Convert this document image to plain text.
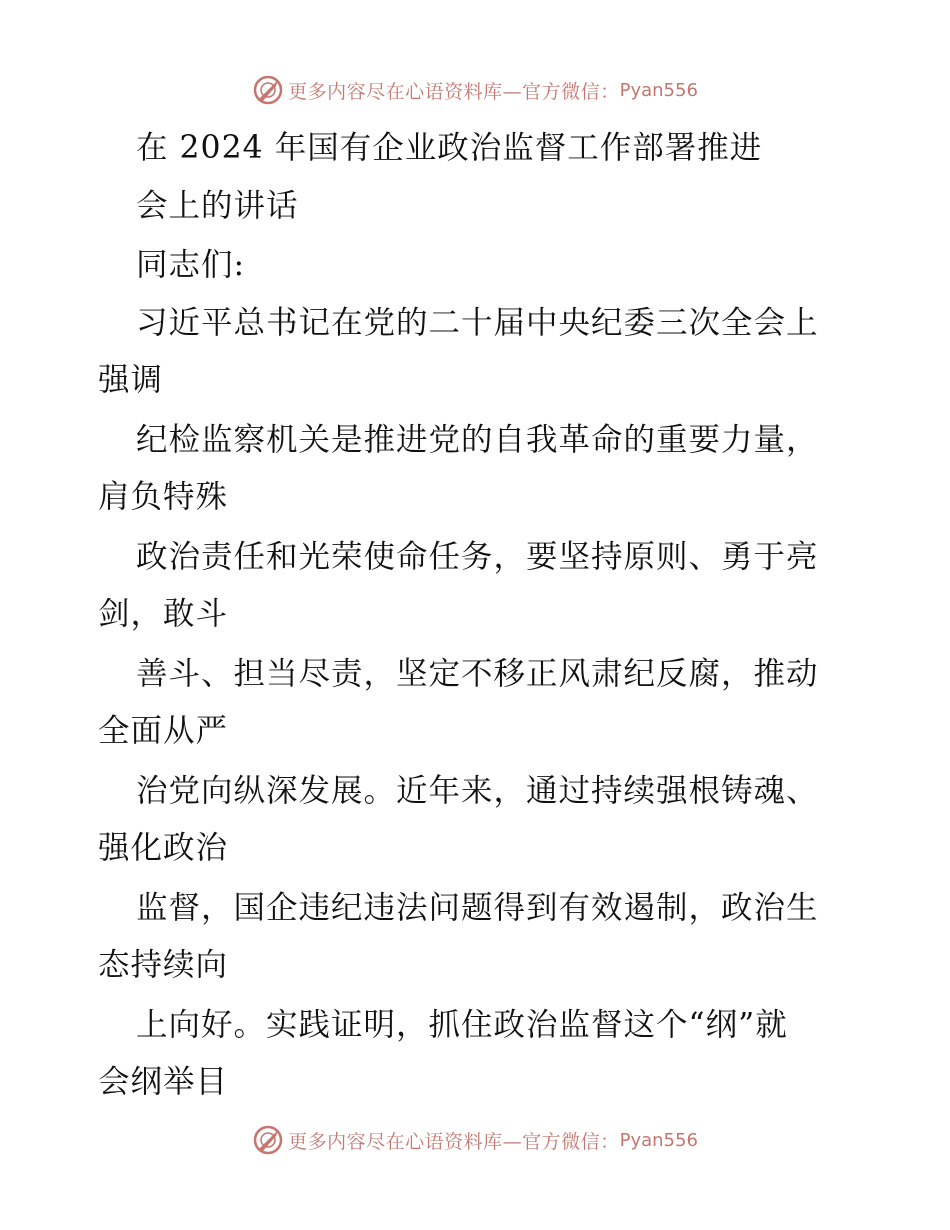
更多内容尽在心语资料库—官方微信： Pyan556
在 2024 年国有企业政治监督工作部署推进
会上的讲话
同志们:
习近平总书记在党的二十届中央纪委三次全会上
强调
纪检监察机关是推进党的自我革命的重要力量，
肩负特殊
政治责任和光荣使命任务，要坚持原则、勇于亮
剑，敢斗
善斗、担当尽责，坚定不移正风肃纪反腐，推动
全面从严
治党向纵深发展。近年来，通过持续强根铸魂、
强化政治
监督，国企违纪违法问题得到有效遏制，政治生
态持续向
上向好。实践证明，抓住政治监督这个“纲”就
会纲举目
更多内容尽在心语资料库—官方微信： Pyan556
